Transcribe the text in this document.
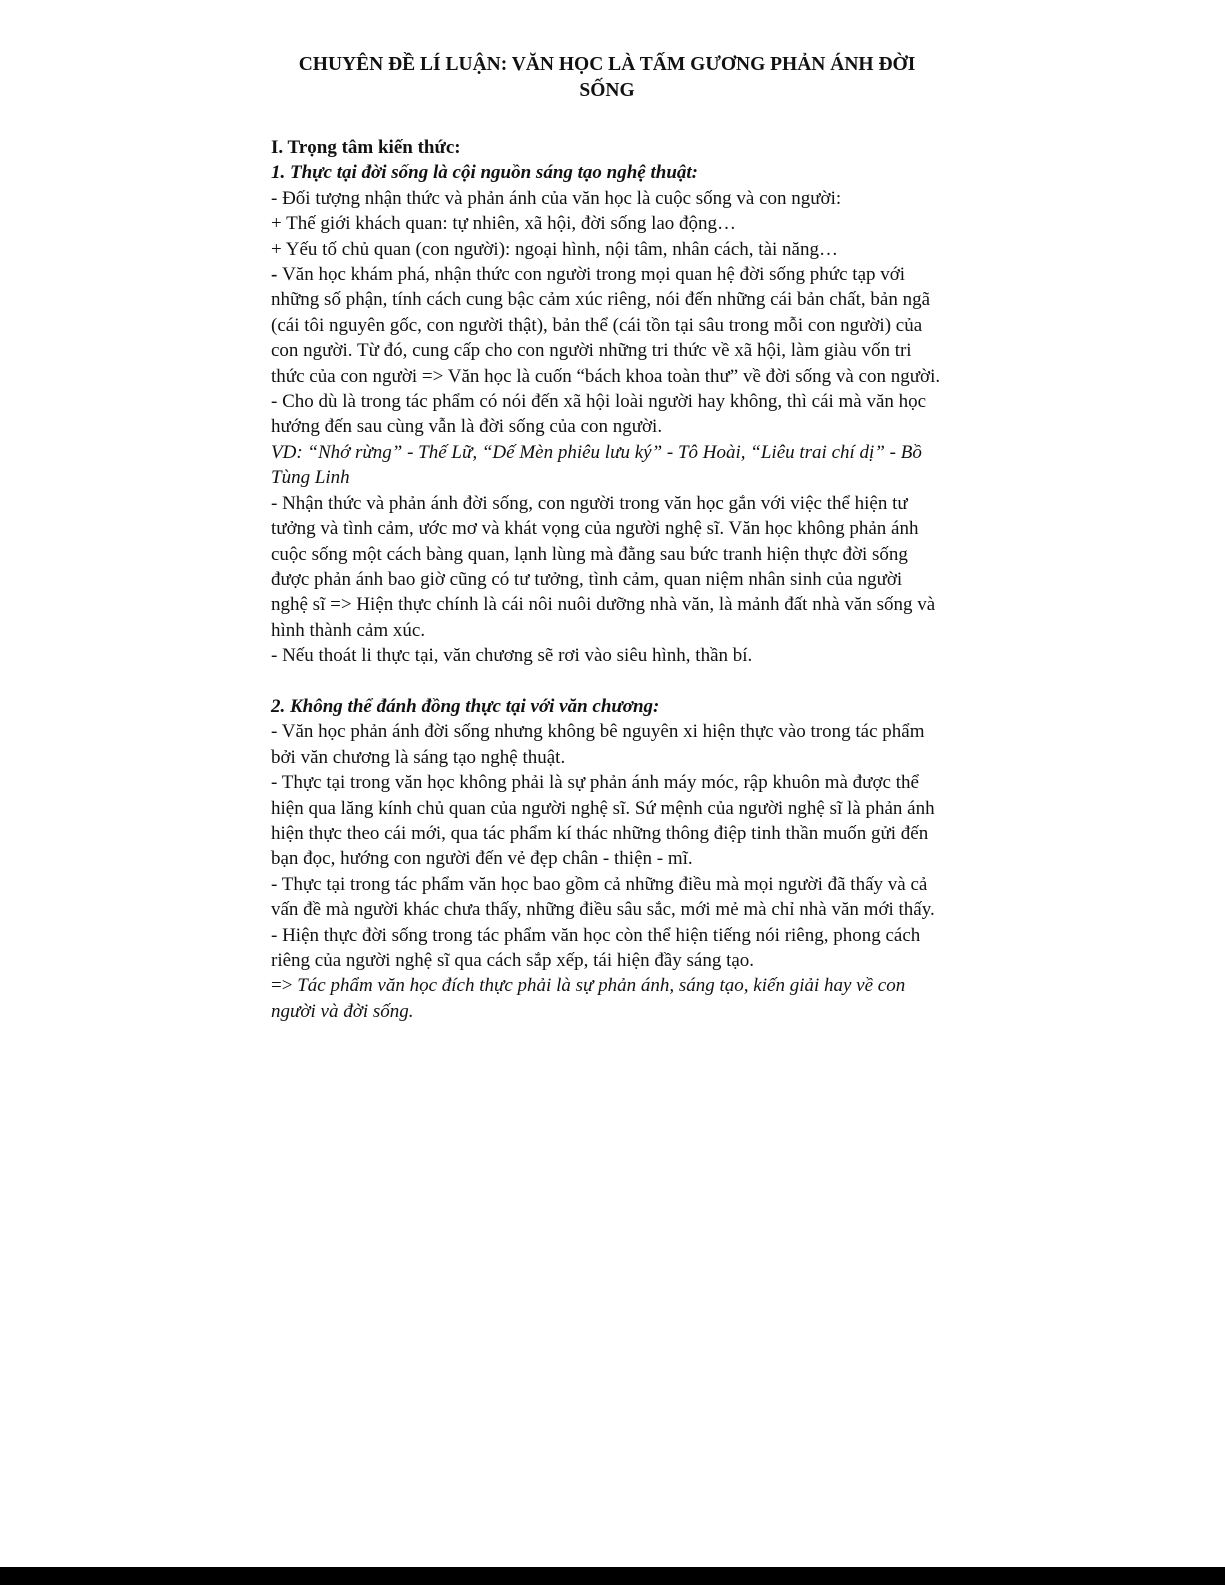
CHUYÊN ĐỀ LÍ LUẬN: VĂN HỌC LÀ TẤM GƯƠNG PHẢN ÁNH ĐỜI SỐNG

I. Trọng tâm kiến thức:

1. Thực tại đời sống là cội nguồn sáng tạo nghệ thuật:

- Đối tượng nhận thức và phản ánh của văn học là cuộc sống và con người:

+ Thế giới khách quan: tự nhiên, xã hội, đời sống lao động…

+ Yếu tố chủ quan (con người): ngoại hình, nội tâm, nhân cách, tài năng…

- Văn học khám phá, nhận thức con người trong mọi quan hệ đời sống phức tạp với những số phận, tính cách cung bậc cảm xúc riêng, nói đến những cái bản chất, bản ngã (cái tôi nguyên gốc, con người thật), bản thể (cái tồn tại sâu trong mỗi con người) của con người. Từ đó, cung cấp cho con người những tri thức về xã hội, làm giàu vốn tri thức của con người => Văn học là cuốn “bách khoa toàn thư” về đời sống và con người.

- Cho dù là trong tác phẩm có nói đến xã hội loài người hay không, thì cái mà văn học hướng đến sau cùng vẫn là đời sống của con người.

VD: “Nhớ rừng” - Thế Lữ, “Dế Mèn phiêu lưu ký” - Tô Hoài, “Liêu trai chí dị” - Bồ Tùng Linh

- Nhận thức và phản ánh đời sống, con người trong văn học gắn với việc thể hiện tư tưởng và tình cảm, ước mơ và khát vọng của người nghệ sĩ. Văn học không phản ánh cuộc sống một cách bàng quan, lạnh lùng mà đằng sau bức tranh hiện thực đời sống được phản ánh bao giờ cũng có tư tưởng, tình cảm, quan niệm nhân sinh của người nghệ sĩ => Hiện thực chính là cái nôi nuôi dưỡng nhà văn, là mảnh đất nhà văn sống và hình thành cảm xúc.

- Nếu thoát li thực tại, văn chương sẽ rơi vào siêu hình, thần bí.

2. Không thể đánh đồng thực tại với văn chương:

- Văn học phản ánh đời sống nhưng không bê nguyên xi hiện thực vào trong tác phẩm bởi văn chương là sáng tạo nghệ thuật.

- Thực tại trong văn học không phải là sự phản ánh máy móc, rập khuôn mà được thể hiện qua lăng kính chủ quan của người nghệ sĩ. Sứ mệnh của người nghệ sĩ là phản ánh hiện thực theo cái mới, qua tác phẩm kí thác những thông điệp tinh thần muốn gửi đến bạn đọc, hướng con người đến vẻ đẹp chân - thiện - mĩ.

- Thực tại trong tác phẩm văn học bao gồm cả những điều mà mọi người đã thấy và cả vấn đề mà người khác chưa thấy, những điều sâu sắc, mới mẻ mà chỉ nhà văn mới thấy.

- Hiện thực đời sống trong tác phẩm văn học còn thể hiện tiếng nói riêng, phong cách riêng của người nghệ sĩ qua cách sắp xếp, tái hiện đầy sáng tạo.

=> Tác phẩm văn học đích thực phải là sự phản ánh, sáng tạo, kiến giải hay về con người và đời sống.
